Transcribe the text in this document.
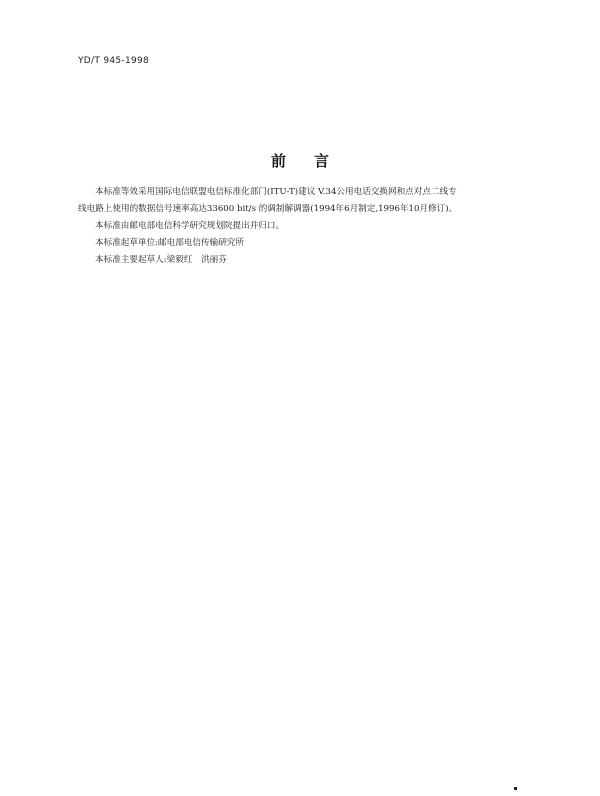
YD/T 945-1998
前言

本标准等效采用国际电信联盟电信标准化部门(ITU-T)建议 V.34公用电话交换网和点对点二线专

线电路上使用的数据信号速率高达33600 bit/s 的调制解调器(1994年6月制定,1996年10月修订)。

本标准由邮电部电信科学研究规划院提出并归口。

本标准起草单位:邮电部电信传输研究所

本标准主要起草人:梁毅红　洪丽芬
